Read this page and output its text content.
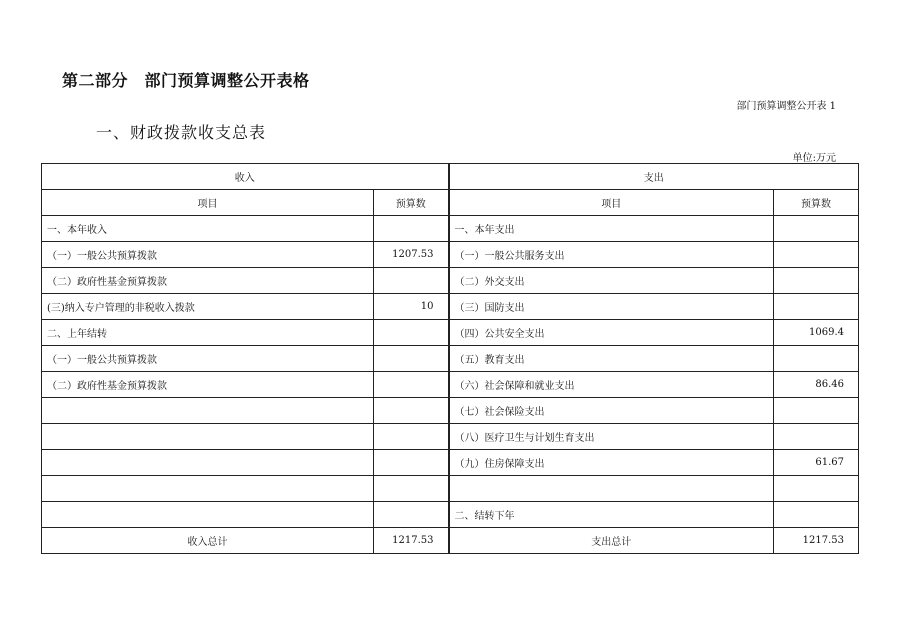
第二部分　部门预算调整公开表格
部门预算调整公开表 1
一、财政拨款收支总表
单位:万元
收入		支出	
项目	预算数	项目	预算数
一、本年收入		一、本年支出	
（一）一般公共预算拨款	1207.53	（一）一般公共服务支出	
（二）政府性基金预算拨款		（二）外交支出	
(三)纳入专户管理的非税收入拨款	10	（三）国防支出	
二、上年结转		（四）公共安全支出	1069.4
（一）一般公共预算拨款		（五）教育支出	
（二）政府性基金预算拨款		（六）社会保障和就业支出	86.46
		（七）社会保险支出	
		（八）医疗卫生与计划生育支出	
		（九）住房保障支出	61.67

		二、结转下年	
收入总计	1217.53	支出总计	1217.53
